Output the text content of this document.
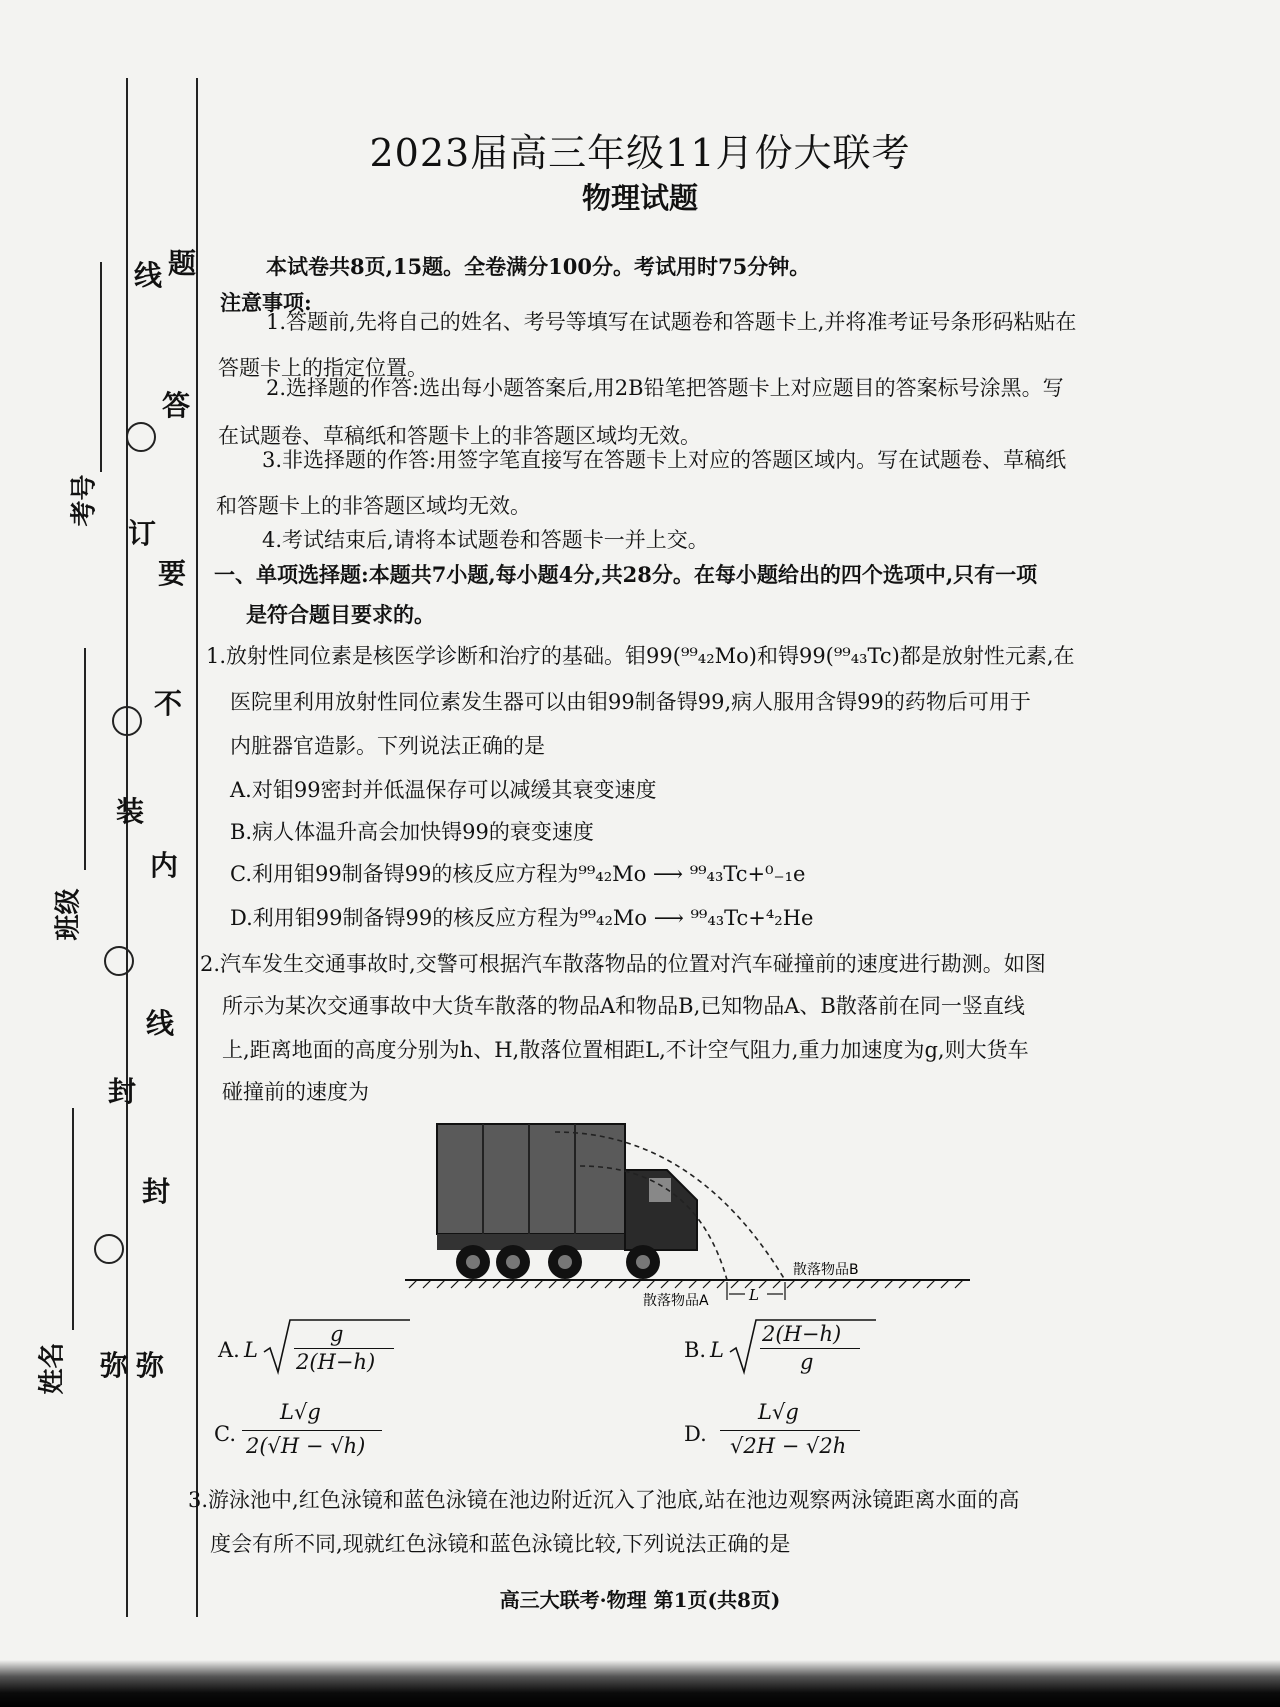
线
订
装
封
弥
题
答
要
不
内
线
封
弥
考号
班级
姓名
2023届高三年级11月份大联考
物理试题
本试卷共8页,15题。全卷满分100分。考试用时75分钟。
注意事项:
1.答题前,先将自己的姓名、考号等填写在试题卷和答题卡上,并将准考证号条形码粘贴在
答题卡上的指定位置。
2.选择题的作答:选出每小题答案后,用2B铅笔把答题卡上对应题目的答案标号涂黑。写
在试题卷、草稿纸和答题卡上的非答题区域均无效。
3.非选择题的作答:用签字笔直接写在答题卡上对应的答题区域内。写在试题卷、草稿纸
和答题卡上的非答题区域均无效。
4.考试结束后,请将本试题卷和答题卡一并上交。
一、单项选择题:本题共7小题,每小题4分,共28分。在每小题给出的四个选项中,只有一项
是符合题目要求的。
1.放射性同位素是核医学诊断和治疗的基础。钼99(⁹⁹₄₂Mo)和锝99(⁹⁹₄₃Tc)都是放射性元素,在
医院里利用放射性同位素发生器可以由钼99制备锝99,病人服用含锝99的药物后可用于
内脏器官造影。下列说法正确的是
A.对钼99密封并低温保存可以减缓其衰变速度
B.病人体温升高会加快锝99的衰变速度
C.利用钼99制备锝99的核反应方程为⁹⁹₄₂Mo ⟶ ⁹⁹₄₃Tc+⁰₋₁e
D.利用钼99制备锝99的核反应方程为⁹⁹₄₂Mo ⟶ ⁹⁹₄₃Tc+⁴₂He
2.汽车发生交通事故时,交警可根据汽车散落物品的位置对汽车碰撞前的速度进行勘测。如图
所示为某次交通事故中大货车散落的物品A和物品B,已知物品A、B散落前在同一竖直线
上,距离地面的高度分别为h、H,散落位置相距L,不计空气阻力,重力加速度为g,则大货车
碰撞前的速度为
L
散落物品B
散落物品A
A. L
g
2(H−h)	B. L
2(H−h)
g
C.
L√g
2(√H − √h)	D.
L√g
√2H − √2h
3.游泳池中,红色泳镜和蓝色泳镜在池边附近沉入了池底,站在池边观察两泳镜距离水面的高
度会有所不同,现就红色泳镜和蓝色泳镜比较,下列说法正确的是
高三大联考·物理 第1页(共8页)
